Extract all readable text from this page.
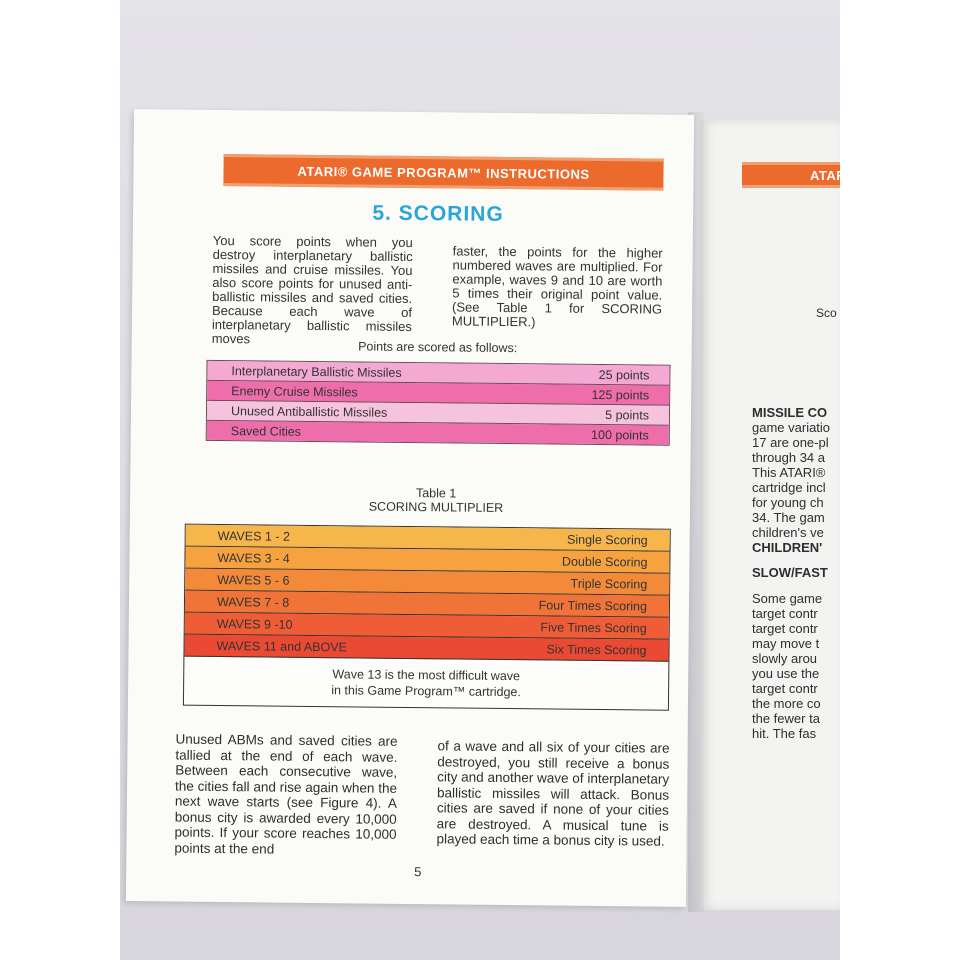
ATARI
Sco
MISSILE CO
game variatio
17 are one-pl
through 34 a
This ATARI®
cartridge incl
for young ch
34. The gam
children's ve
CHILDREN'
SLOW/FAST
Some game
target contr
target contr
may move t
slowly arou
you use the
target contr
the more co
the fewer ta
hit. The fas
ATARI® GAME PROGRAM™ INSTRUCTIONS
5. SCORING
You score points when you destroy interplanetary ballistic missiles and cruise missiles. You also score points for unused anti-ballistic missiles and saved cities. Because each wave of interplanetary ballistic missiles moves
faster, the points for the higher numbered waves are multiplied. For example, waves 9 and 10 are worth 5 times their original point value. (See Table 1 for SCORING MULTIPLIER.)
Points are scored as follows:
Interplanetary Ballistic Missiles	25 points
Enemy Cruise Missiles	125 points
Unused Antiballistic Missiles	5 points
Saved Cities	100 points
Table 1
SCORING MULTIPLIER
WAVES 1 - 2	Single Scoring
WAVES 3 - 4	Double Scoring
WAVES 5 - 6	Triple Scoring
WAVES 7 - 8	Four Times Scoring
WAVES 9 -10	Five Times Scoring
WAVES 11 and ABOVE	Six Times Scoring
Wave 13 is the most difficult wave
in this Game Program™ cartridge.
Unused ABMs and saved cities are tallied at the end of each wave. Between each consecutive wave, the cities fall and rise again when the next wave starts (see Figure 4). A bonus city is awarded every 10,000 points. If your score reaches 10,000 points at the end
of a wave and all six of your cities are destroyed, you still receive a bonus city and another wave of interplanetary ballistic missiles will attack. Bonus cities are saved if none of your cities are destroyed. A musical tune is played each time a bonus city is used.
5
